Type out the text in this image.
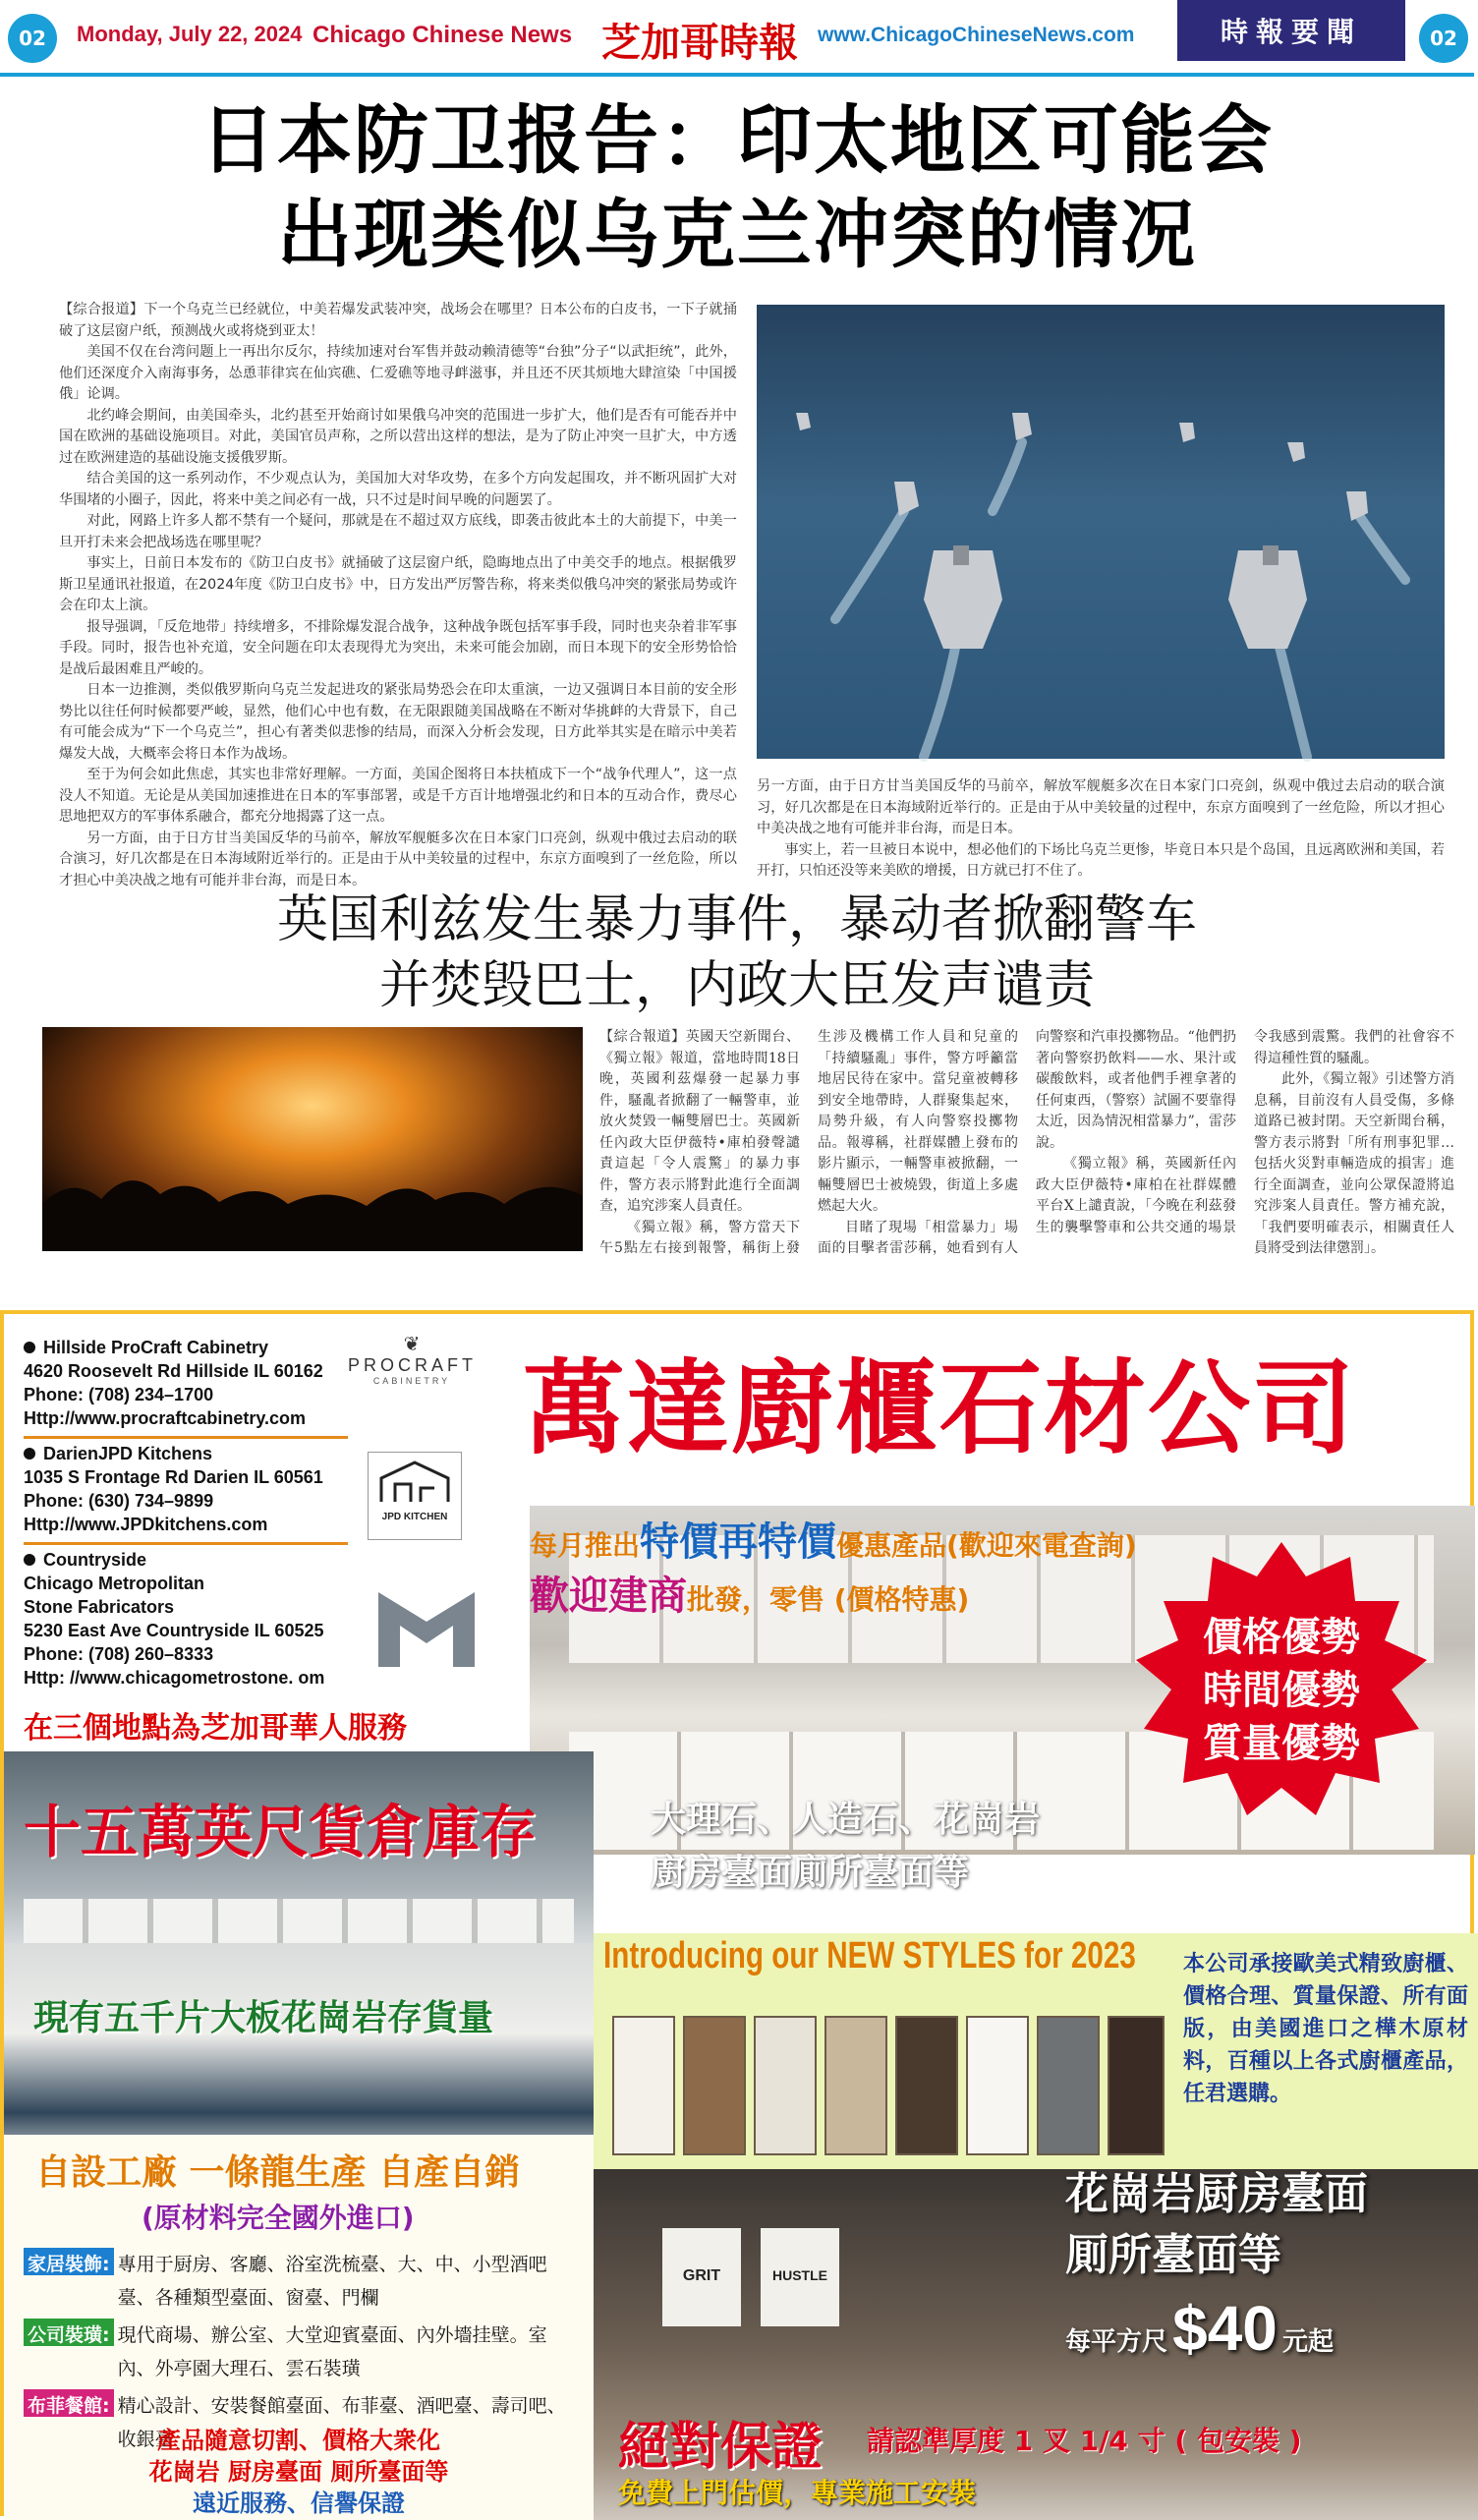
02	Monday, July 22, 2024 Chicago Chinese News 芝加哥時報 www.ChicagoChineseNews.com	時報要聞	02
日本防卫报告：印太地区可能会
出现类似乌克兰冲突的情况

【综合报道】下一个乌克兰已经就位，中美若爆发武装冲突，战场会在哪里？日本公布的白皮书，一下子就捅破了这层窗户纸，预测战火或将烧到亚太！

美国不仅在台湾问题上一再出尔反尔，持续加速对台军售并鼓动赖清德等“台独”分子“以武拒统”，此外，他们还深度介入南海事务，怂恿菲律宾在仙宾礁、仁爱礁等地寻衅滋事，并且还不厌其烦地大肆渲染「中国援俄」论调。

北约峰会期间，由美国牵头，北约甚至开始商讨如果俄乌冲突的范围进一步扩大，他们是否有可能吞并中国在欧洲的基础设施项目。对此，美国官员声称，之所以营出这样的想法，是为了防止冲突一旦扩大，中方透过在欧洲建造的基础设施支援俄罗斯。

结合美国的这一系列动作，不少观点认为，美国加大对华攻势，在多个方向发起围攻，并不断巩固扩大对华围堵的小圈子，因此，将来中美之间必有一战，只不过是时间早晚的问题罢了。

对此，网路上许多人都不禁有一个疑问，那就是在不超过双方底线，即袭击彼此本土的大前提下，中美一旦开打未来会把战场选在哪里呢？

事实上，日前日本发布的《防卫白皮书》就捅破了这层窗户纸，隐晦地点出了中美交手的地点。根据俄罗斯卫星通讯社报道，在2024年度《防卫白皮书》中，日方发出严厉警告称，将来类似俄乌冲突的紧张局势或许会在印太上演。

报导强调，「反危地带」持续增多，不排除爆发混合战争，这种战争既包括军事手段，同时也夹杂着非军事手段。同时，报告也补充道，安全问题在印太表现得尤为突出，未来可能会加剧，而日本现下的安全形势恰恰是战后最困难且严峻的。

日本一边推测，类似俄罗斯向乌克兰发起进攻的紧张局势恐会在印太重演，一边又强调日本目前的安全形势比以往任何时候都要严峻，显然，他们心中也有数，在无限跟随美国战略在不断对华挑衅的大背景下，自己有可能会成为“下一个乌克兰”，担心有著类似悲惨的结局，而深入分析会发现，日方此举其实是在暗示中美若爆发大战，大概率会将日本作为战场。

至于为何会如此焦虑，其实也非常好理解。一方面，美国企图将日本扶植成下一个“战争代理人”，这一点没人不知道。无论是从美国加速推进在日本的军事部署，或是千方百计地增强北约和日本的互动合作，费尽心思地把双方的军事体系融合，都充分地揭露了这一点。

另一方面，由于日方甘当美国反华的马前卒，解放军舰艇多次在日本家门口亮剑，纵观中俄过去启动的联合演习，好几次都是在日本海域附近举行的。正是由于从中美较量的过程中，东京方面嗅到了一丝危险，所以才担心中美决战之地有可能并非台海，而是日本。

另一方面，由于日方甘当美国反华的马前卒，解放军舰艇多次在日本家门口亮剑，纵观中俄过去启动的联合演习，好几次都是在日本海域附近举行的。正是由于从中美较量的过程中，东京方面嗅到了一丝危险，所以才担心中美决战之地有可能并非台海，而是日本。

事实上，若一旦被日本说中，想必他们的下场比乌克兰更惨，毕竟日本只是个岛国，且远离欧洲和美国，若开打，只怕还没等来美欧的增援，日方就已打不住了。

英国利兹发生暴力事件，暴动者掀翻警车
并焚毁巴士，内政大臣发声谴责

【綜合報道】英國天空新聞台、《獨立報》報道，當地時間18日晚，英國利茲爆發一起暴力事件，騷亂者掀翻了一輛警車，並放火焚毀一輛雙層巴士。英國新任內政大臣伊薇特•庫柏發聲譴責這起「令人震驚」的暴力事件，警方表示將對此進行全面調查，追究涉案人員責任。

《獨立報》稱，警方當天下午5點左右接到報警，稱街上發生涉及機構工作人員和兒童的「持續騷亂」事件，警方呼籲當地居民待在家中。當兒童被轉移到安全地帶時，人群聚集起來，局勢升級，有人向警察投擲物品。報導稱，社群媒體上發布的影片顯示，一輛警車被掀翻，一輛雙層巴士被燒毀，街道上多處燃起大火。

目睹了現場「相當暴力」場面的目擊者雷莎稱，她看到有人向警察和汽車投擲物品。“他們扔著向警察扔飲料——水、果汁或碳酸飲料，或者他們手裡拿著的任何東西，（警察）試圖不要靠得太近，因為情況相當暴力”，雷莎說。

《獨立報》稱，英國新任內政大臣伊薇特•庫柏在社群媒體平台X上譴責說，「今晚在利茲發生的襲擊警車和公共交通的場景令我感到震驚。我們的社會容不得這種性質的騷亂。

此外，《獨立報》引述警方消息稱，目前沒有人員受傷，多條道路已被封閉。天空新聞台稱，警方表示將對「所有刑事犯罪…包括火災對車輛造成的損害」進行全面調查，並向公眾保證將追究涉案人員責任。警方補充說，「我們要明確表示，相關責任人員將受到法律懲罰」。

Hillside ProCraft Cabinetry
4620 Roosevelt Rd Hillside IL 60162
Phone: (708) 234–1700
Http://www.procraftcabinetry.com
DarienJPD Kitchens
1035 S Frontage Rd Darien IL 60561
Phone: (630) 734–9899
Http://www.JPDkitchens.com
Countryside
Chicago Metropolitan
Stone Fabricators
5230 East Ave Countryside IL 60525
Phone: (708) 260–8333
Http: //www.chicagometrostone. om
❦
PROCRAFT
CABINETRY
JPD KITCHEN
在三個地點為芝加哥華人服務
萬達廚櫃石材公司
每月推出特價再特價優惠產品(歡迎來電查詢)
歡迎建商批發，零售 (價格特惠)
價格優勢
時間優勢
質量優勢
十五萬英尺貨倉庫存	大理石、人造石、花崗岩
廚房臺面廁所臺面等
現有五千片大板花崗岩存貨量
Introducing our NEW STYLES for 2023 本公司承接歐美式精致廚櫃、價格合理、質量保證、所有面版，由美國進口之樺木原材料，百種以上各式廚櫃產品，任君選購。
自設工廠 一條龍生產 自產自銷
(原材料完全國外進口)
家居裝飾: 專用于厨房、客廳、浴室洗梳臺、大、中、小型酒吧臺、各種類型臺面、窗臺、門欄
公司裝璜: 現代商場、辦公室、大堂迎賓臺面、內外墻挂壁。室內、外亭園大理石、雲石裝璜
布菲餐館: 精心設計、安裝餐館臺面、布菲臺、酒吧臺、壽司吧、收銀臺
產品隨意切割、價格大衆化
花崗岩 厨房臺面 厠所臺面等
遠近服務、信譽保證
GRIT	HUSTLE
花崗岩厨房臺面
厠所臺面等
每平方尺 $40 元起
絕對保證 請認準厚度 1 叉 1/4 寸 ( 包安裝 )
免費上門估價，專業施工安裝
